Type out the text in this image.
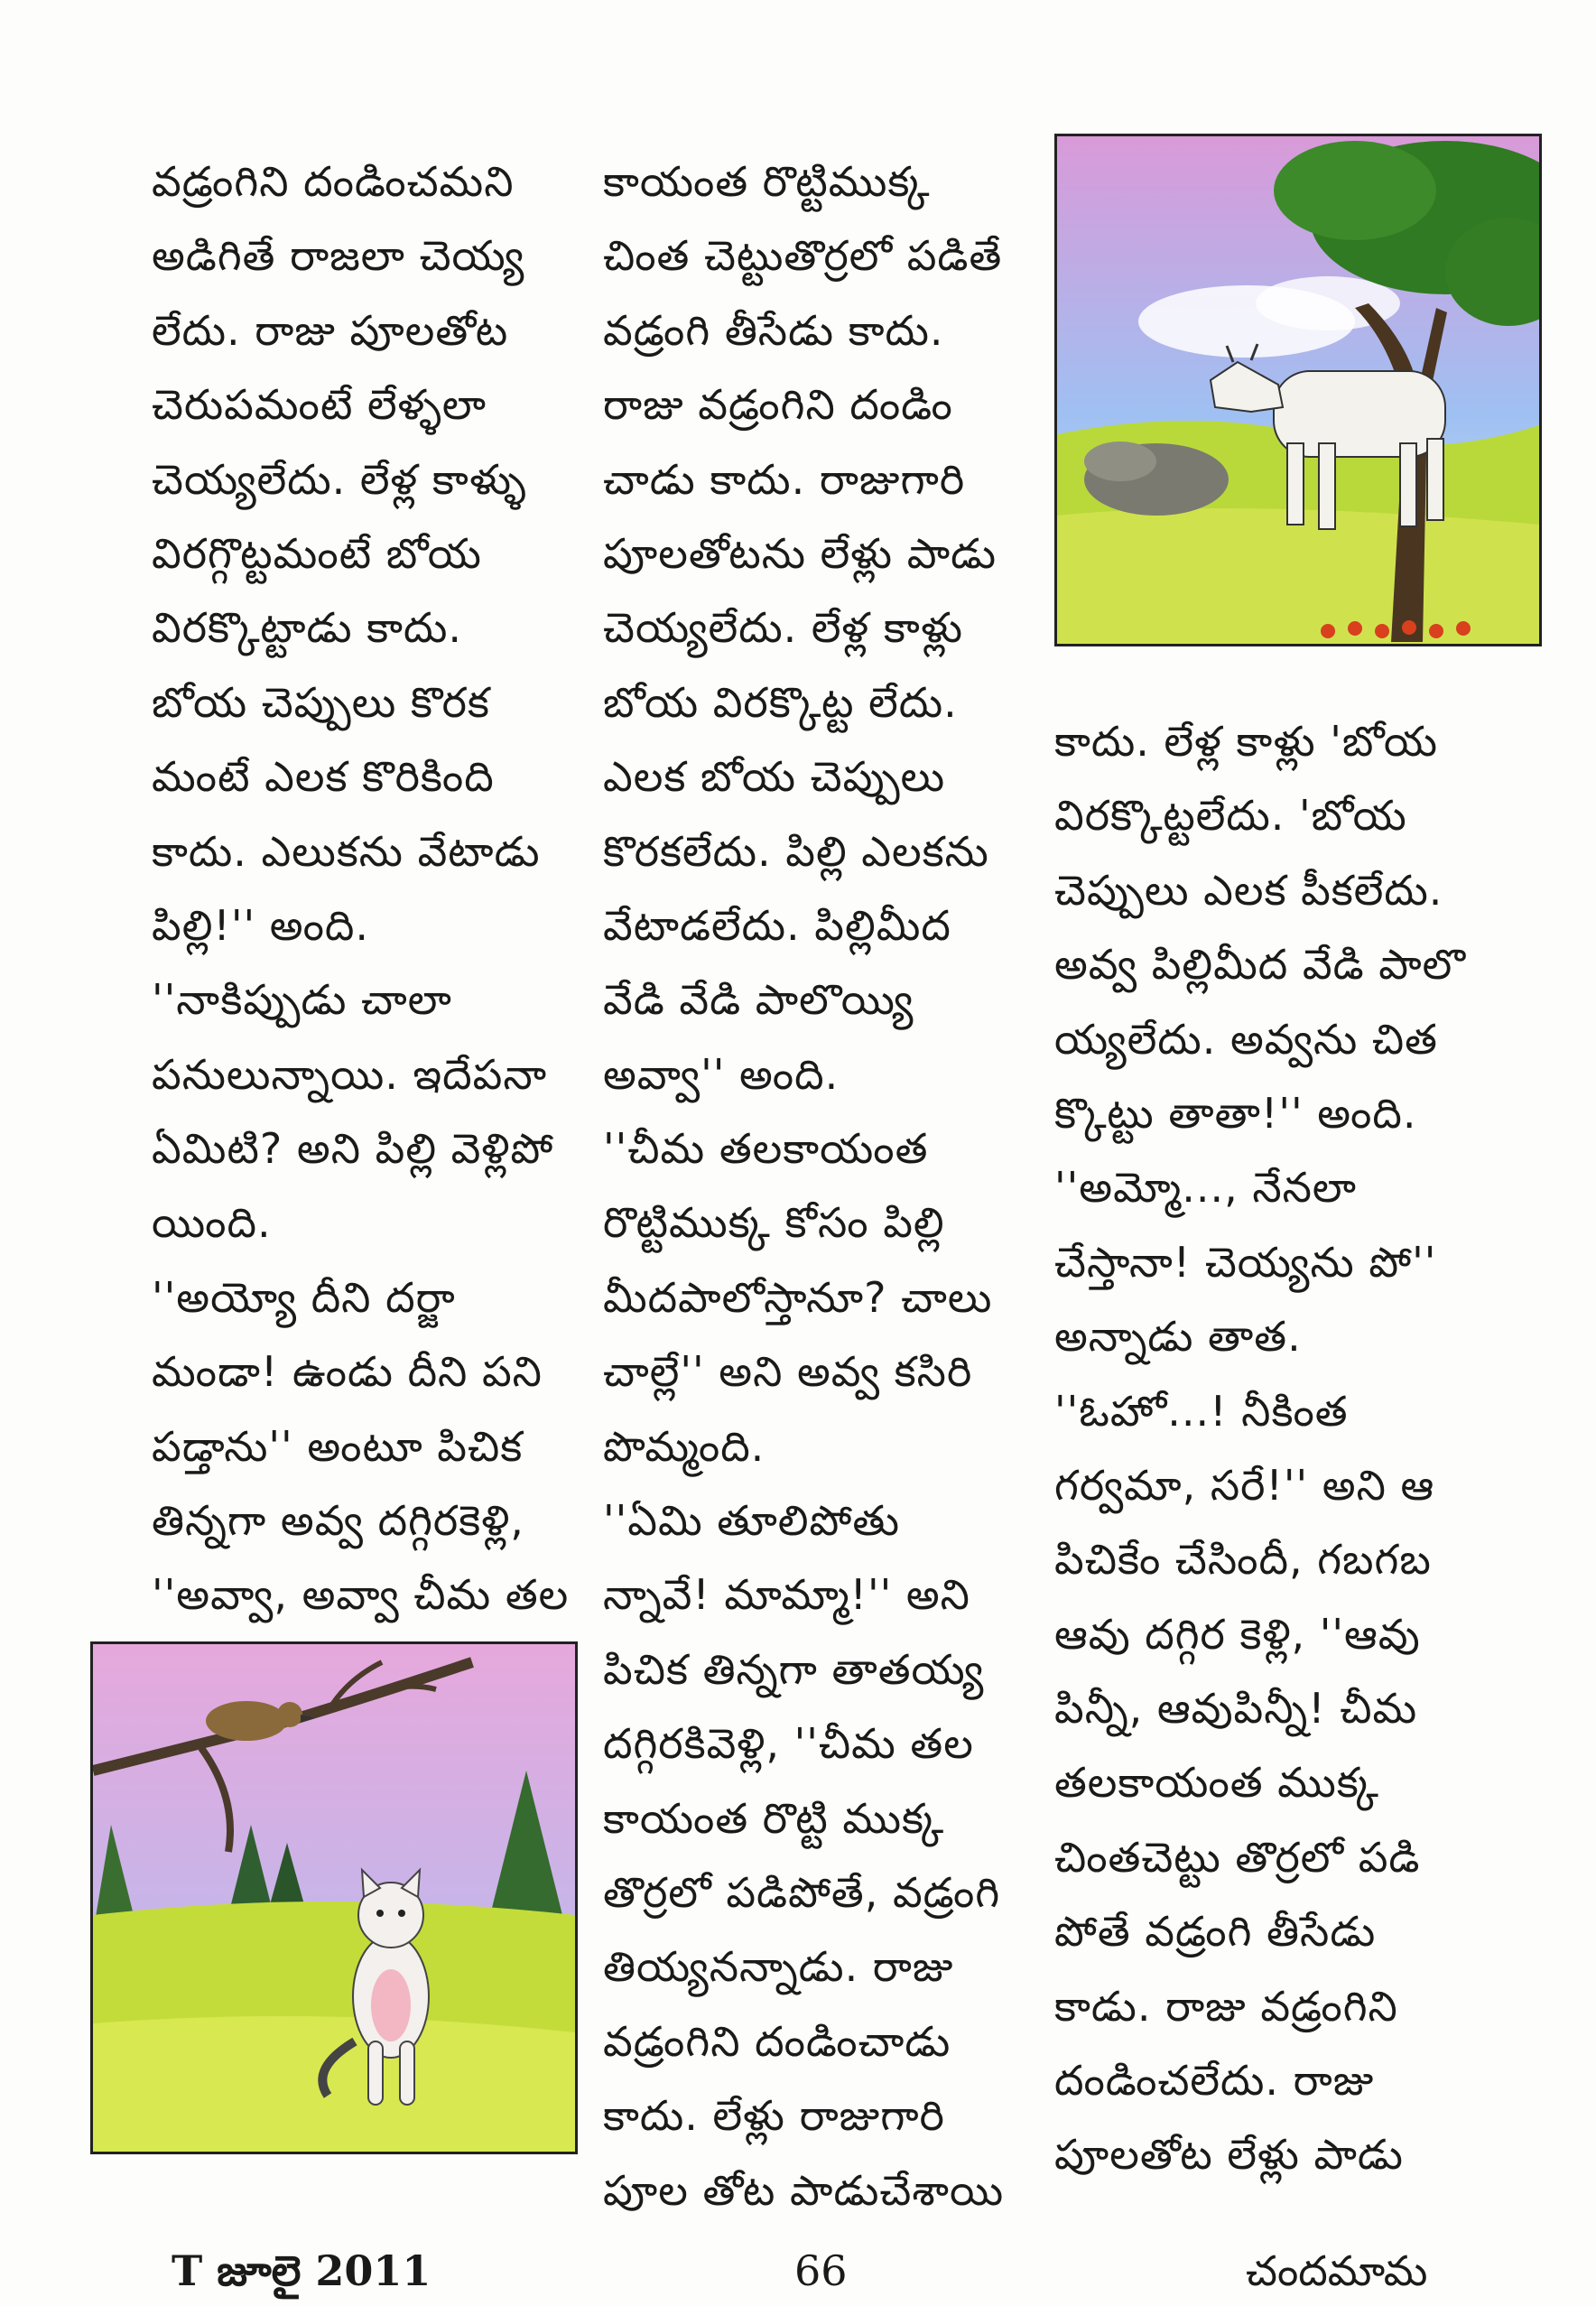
వడ్రంగిని దండించమని
అడిగితే రాజలా చెయ్య
లేదు. రాజు పూలతోట
చెరుపమంటే లేళ్ళలా
చెయ్యలేదు. లేళ్ల కాళ్ళు
విరగ్గొట్టమంటే బోయ
విరక్కొట్టాడు కాదు.
బోయ చెప్పులు కొరక
మంటే ఎలక కొరికింది
కాదు. ఎలుకను వేటాడు
పిల్లి!'' అంది.
''నాకిప్పుడు చాలా
పనులున్నాయి. ఇదేపనా
ఏమిటి? అని పిల్లి వెళ్లిపో
యింది.
''అయ్యో దీని దర్జా
మండా! ఉండు దీని పని
పడ్తాను'' అంటూ పిచిక
తిన్నగా అవ్వ దగ్గిరకెళ్లి,
''అవ్వా, అవ్వా చీమ తల
కాయంత రొట్టిముక్క
చింత చెట్టుతొర్రలో పడితే
వడ్రంగి తీసేడు కాదు.
రాజు వడ్రంగిని దండిం
చాడు కాదు. రాజుగారి
పూలతోటను లేళ్లు పాడు
చెయ్యలేదు. లేళ్ల కాళ్లు
బోయ విరక్కొట్ట లేదు.
ఎలక బోయ చెప్పులు
కొరకలేదు. పిల్లి ఎలకను
వేటాడలేదు. పిల్లిమీద
వేడి వేడి పాలొయ్యి
అవ్వా'' అంది.
''చీమ తలకాయంత
రొట్టిముక్క కోసం పిల్లి
మీదపాలోస్తానూ? చాలు
చాల్లే'' అని అవ్వ కసిరి
పొమ్మంది.
''ఏమి తూలిపోతు
న్నావే! మామ్మా!'' అని
పిచిక తిన్నగా తాతయ్య
దగ్గిరకివెళ్లి, ''చీమ తల
కాయంత రొట్టి ముక్క
తొర్రలో పడిపోతే, వడ్రంగి
తియ్యనన్నాడు. రాజు
వడ్రంగిని దండించాడు
కాదు. లేళ్లు రాజుగారి
పూల తోట పాడుచేశాయి
కాదు. లేళ్ల కాళ్లు 'బోయ
విరక్కొట్టలేదు. 'బోయ
చెప్పులు ఎలక పీకలేదు.
అవ్వ పిల్లిమీద వేడి పాలొ
య్యలేదు. అవ్వను చిత
క్కొట్టు తాతా!'' అంది.
''అమ్మో..., నేనలా
చేస్తానా! చెయ్యను పో''
అన్నాడు తాత.
''ఓహో...! నీకింత
గర్వమా, సరే!'' అని ఆ
పిచికేం చేసిందీ, గబగబ
ఆవు దగ్గిర కెళ్లి, ''ఆవు
పిన్నీ, ఆవుపిన్నీ! చీమ
తలకాయంత ముక్క
చింతచెట్టు తొర్రలో పడి
పోతే వడ్రంగి తీసేడు
కాడు. రాజు వడ్రంగిని
దండించలేదు. రాజు
పూలతోట లేళ్లు పాడు
T జూలై 2011	66	చందమామ
